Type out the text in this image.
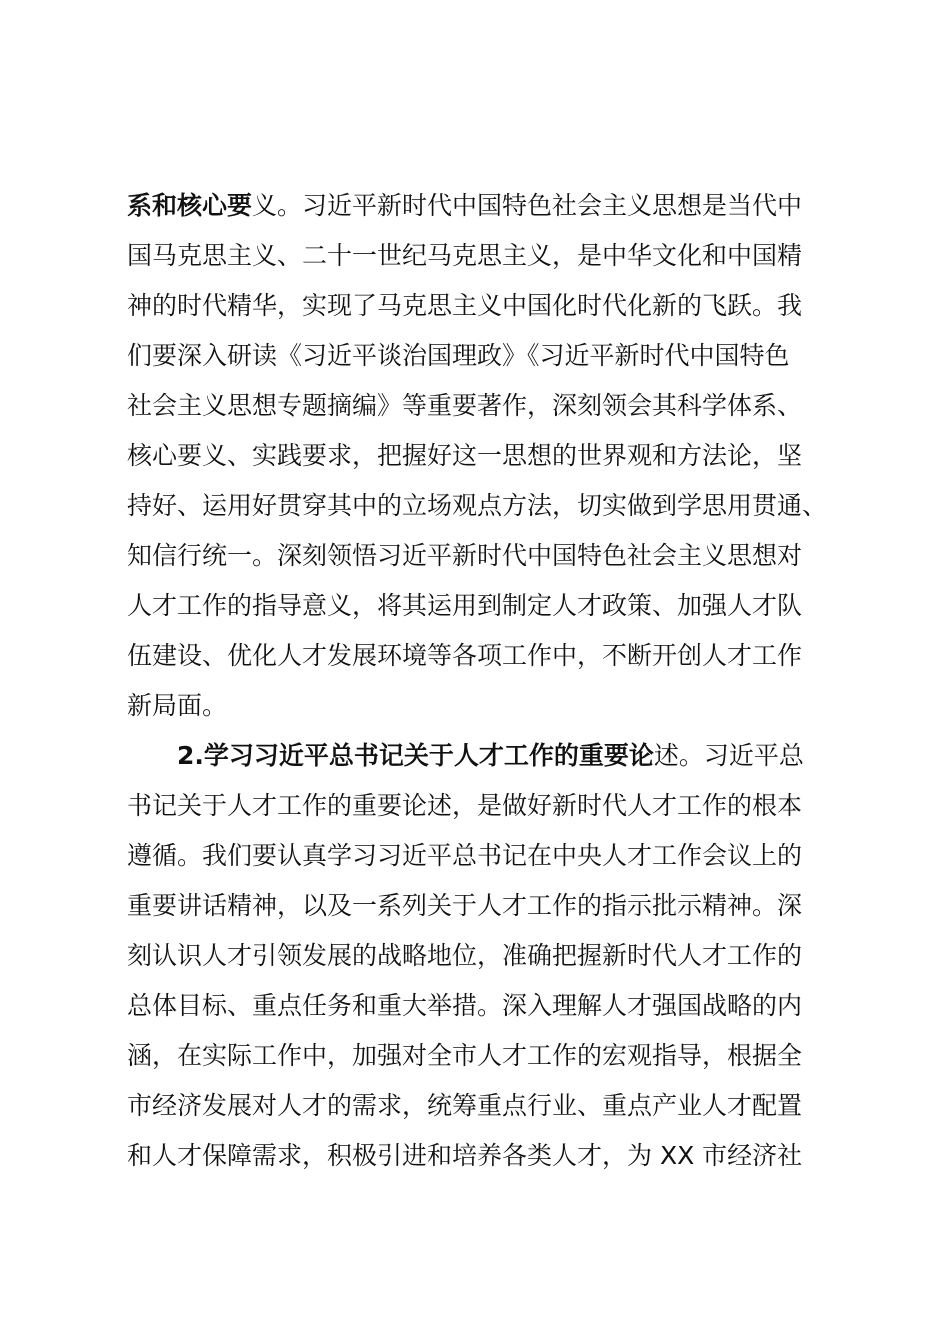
系和核心要义。习近平新时代中国特色社会主义思想是当代中
国马克思主义、二十一世纪马克思主义，是中华文化和中国精
神的时代精华，实现了马克思主义中国化时代化新的飞跃。我
们要深入研读《习近平谈治国理政》《习近平新时代中国特色
社会主义思想专题摘编》等重要著作，深刻领会其科学体系、
核心要义、实践要求，把握好这一思想的世界观和方法论，坚
持好、运用好贯穿其中的立场观点方法，切实做到学思用贯通、
知信行统一。深刻领悟习近平新时代中国特色社会主义思想对
人才工作的指导意义，将其运用到制定人才政策、加强人才队
伍建设、优化人才发展环境等各项工作中，不断开创人才工作
新局面。
2.学习习近平总书记关于人才工作的重要论述。习近平总
书记关于人才工作的重要论述，是做好新时代人才工作的根本
遵循。我们要认真学习习近平总书记在中央人才工作会议上的
重要讲话精神，以及一系列关于人才工作的指示批示精神。深
刻认识人才引领发展的战略地位，准确把握新时代人才工作的
总体目标、重点任务和重大举措。深入理解人才强国战略的内
涵，在实际工作中，加强对全市人才工作的宏观指导，根据全
市经济发展对人才的需求，统筹重点行业、重点产业人才配置
和人才保障需求，积极引进和培养各类人才，为 XX 市经济社
